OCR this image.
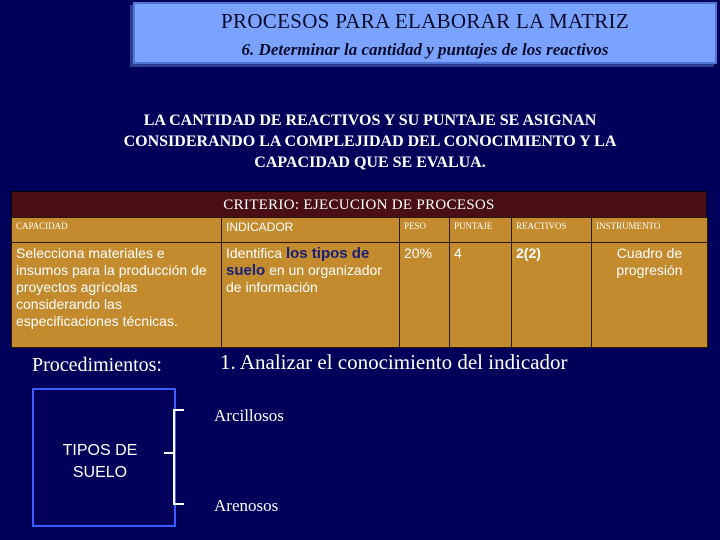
PROCESOS PARA ELABORAR LA MATRIZ
6. Determinar la cantidad y puntajes de los reactivos
LA CANTIDAD DE REACTIVOS Y SU PUNTAJE SE ASIGNAN
CONSIDERANDO LA COMPLEJIDAD DEL CONOCIMIENTO Y LA
CAPACIDAD QUE SE EVALUA.
CRITERIO: EJECUCION DE PROCESOS
CAPACIDAD	INDICADOR	PESO	PUNTAJE	REACTIVOS	INSTRUMENTO
Selecciona materiales e insumos para la producción de proyectos agrícolas considerando las especificaciones técnicas.	Identifica los tipos de suelo en un organizador de información	20%	4	2(2)	Cuadro de progresión
Procedimientos:	1. Analizar el conocimiento del indicador
TIPOS DE SUELO
Arcillosos
Arenosos
